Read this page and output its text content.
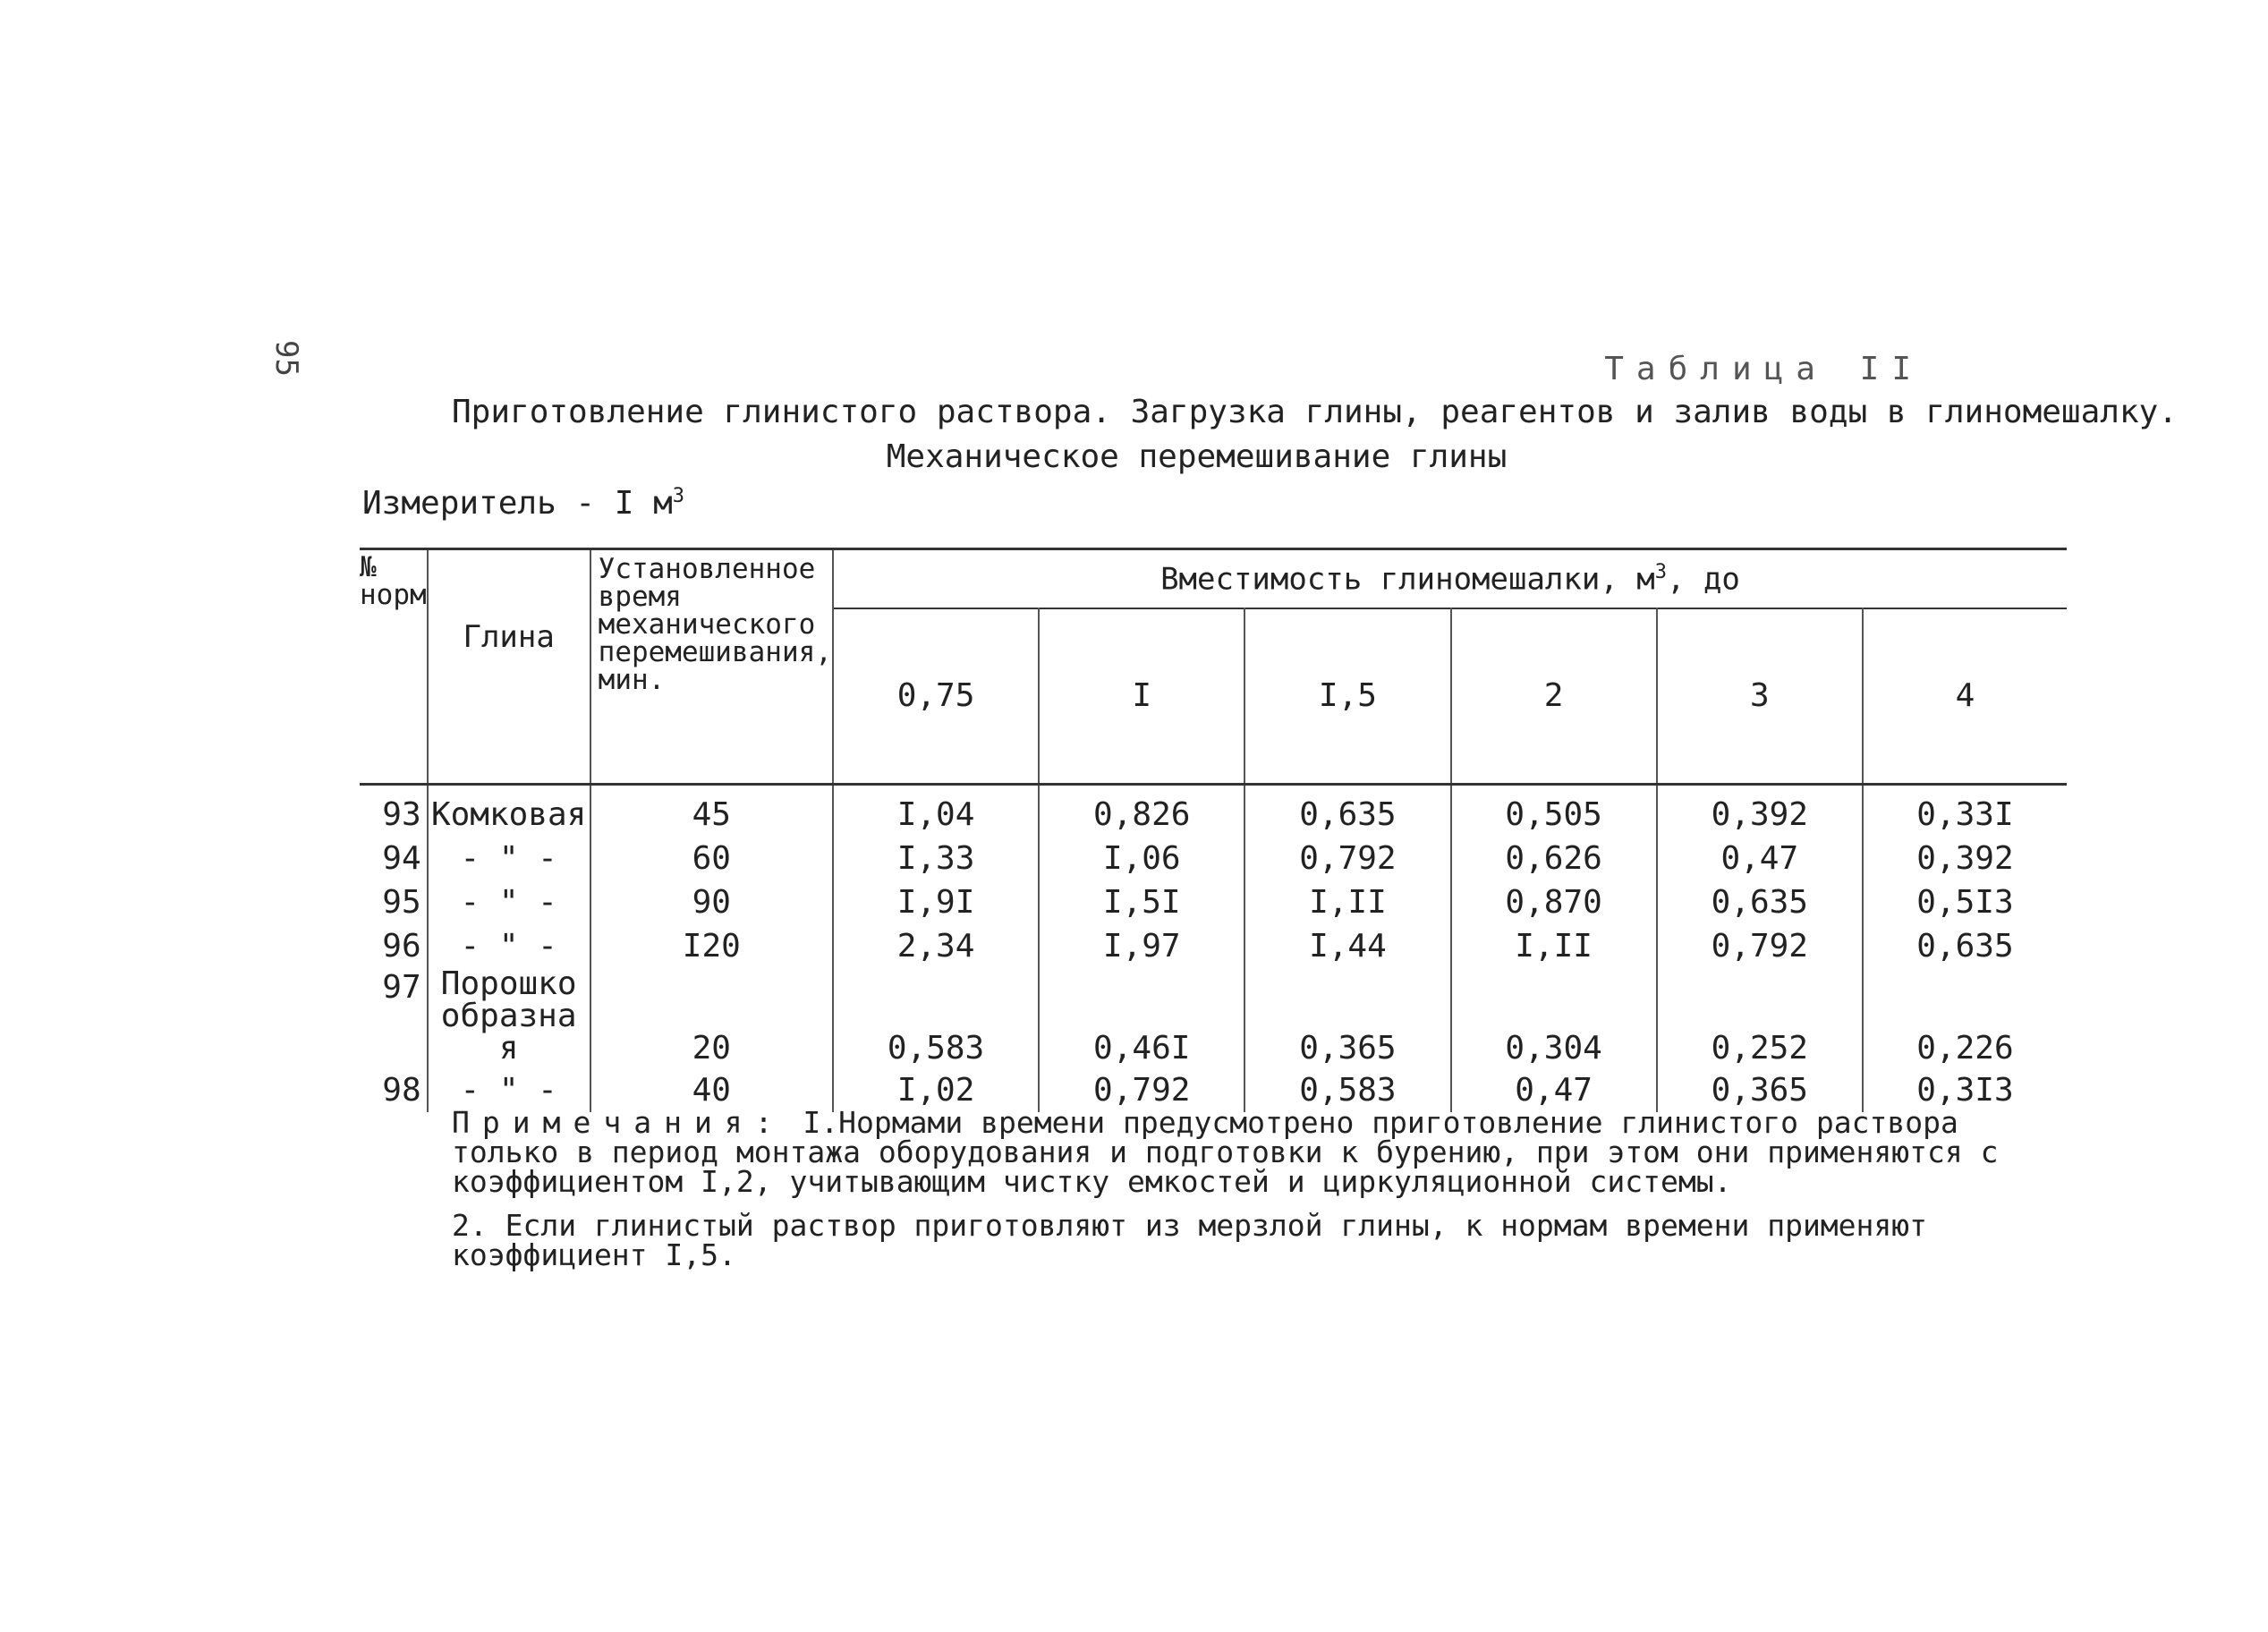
95	Таблица II
Приготовление глинистого раствора. Загрузка глины, реагентов и залив воды в глиномешалку.
Механическое перемешивание глины
Измеритель - I $м^3$
№ норм	Глина	Установленное время механического перемешивания, мин.	Вместимость глиномешалки, $м^3$, до					
			0,75	I	I,5	2	3	4
93	Комковая	45	I,04	0,826	0,635	0,505	0,392	0,33I
94	- " -	60	I,33	I,06	0,792	0,626	0,47	0,392
95	- " -	90	I,9I	I,5I	I,II	0,870	0,635	0,5I3
96	- " -	I20	2,34	I,97	I,44	I,II	0,792	0,635
97	Порошкообразная	20	0,583	0,46I	0,365	0,304	0,252	0,226
98	- " -	40	I,02	0,792	0,583	0,47	0,365	0,3I3

Примечания: I.Нормами времени предусмотрено приготовление глинистого раствора только в период монтажа оборудования и подготовки к бурению, при этом они применяются с коэффициентом I,2, учитывающим чистку емкостей и циркуляционной системы.

2. Если глинистый раствор приготовляют из мерзлой глины, к нормам времени применяют коэффициент I,5.
